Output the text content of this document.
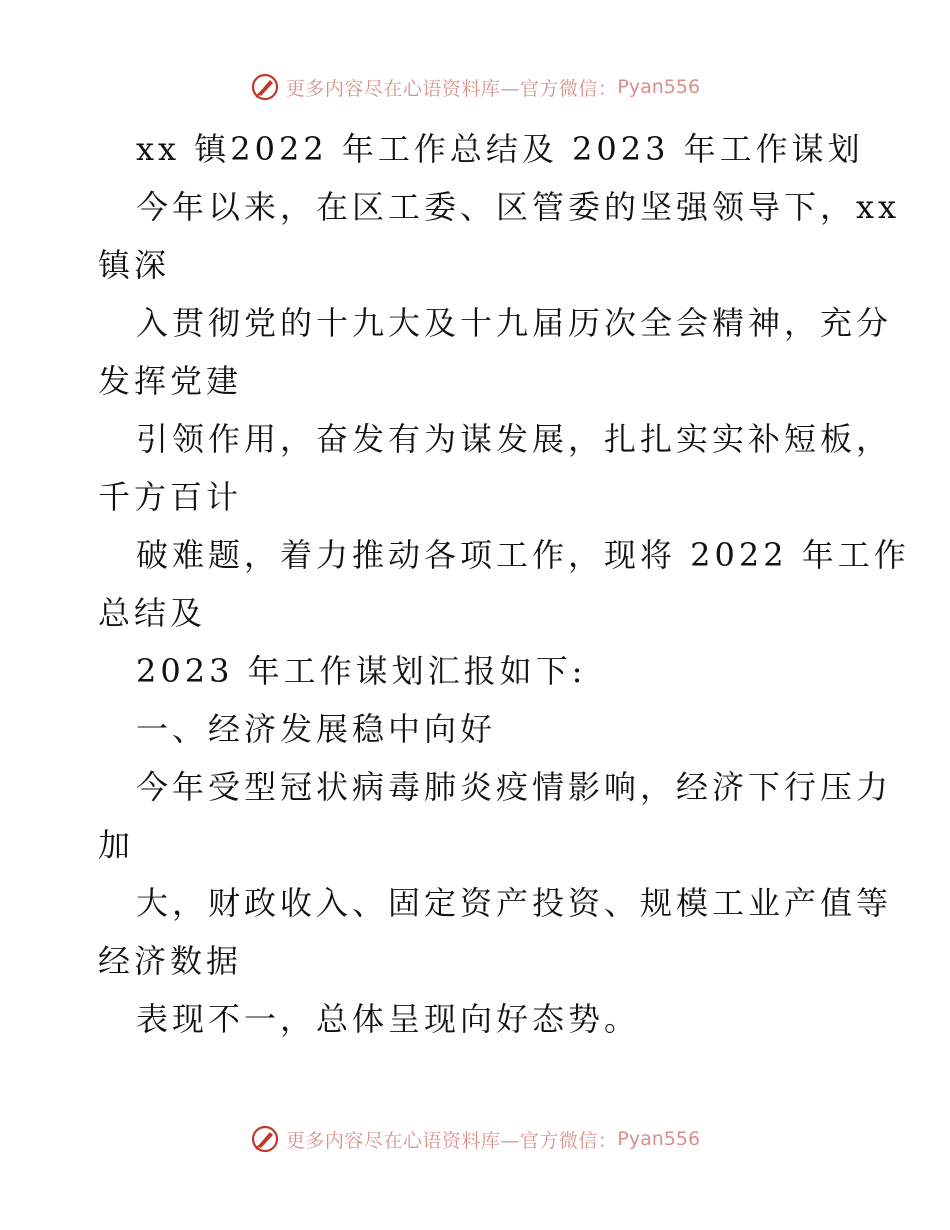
更多内容尽在心语资料库—官方微信： Pyan556
xx 镇2022 年工作总结及 2023 年工作谋划
今年以来，在区工委、区管委的坚强领导下，xx
镇深
入贯彻党的十九大及十九届历次全会精神，充分
发挥党建
引领作用，奋发有为谋发展，扎扎实实补短板，
千方百计
破难题，着力推动各项工作，现将 2022 年工作
总结及
2023 年工作谋划汇报如下:
一、经济发展稳中向好
今年受型冠状病毒肺炎疫情影响，经济下行压力
加
大，财政收入、固定资产投资、规模工业产值等
经济数据
表现不一，总体呈现向好态势。
更多内容尽在心语资料库—官方微信： Pyan556
